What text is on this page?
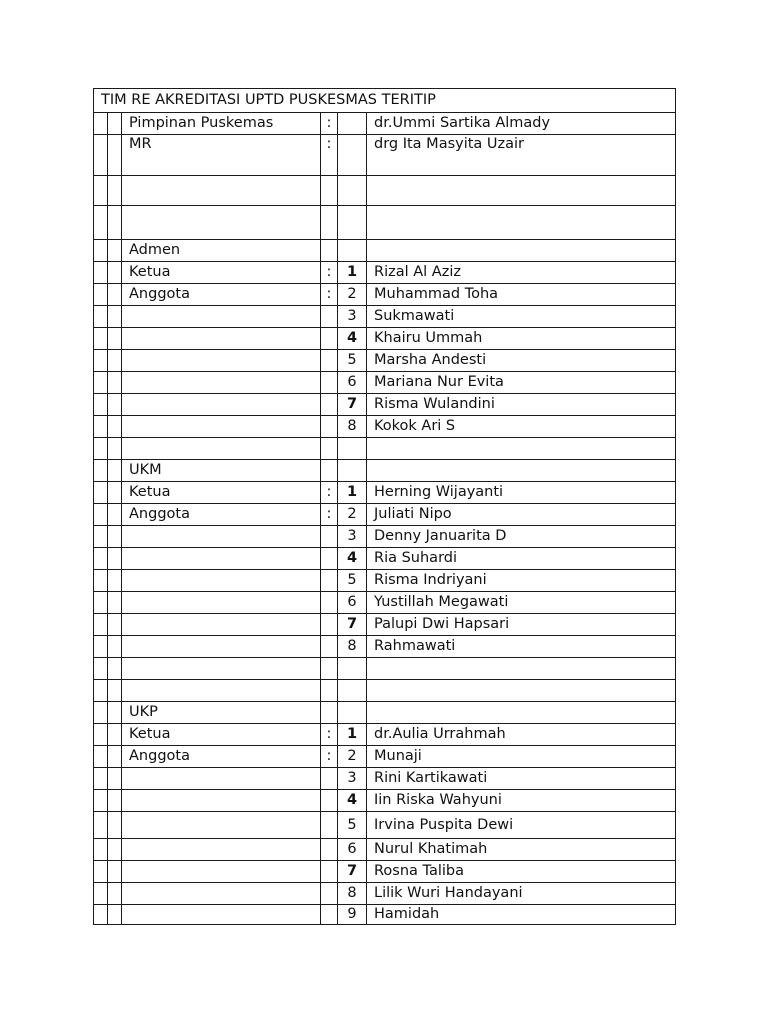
TIM RE AKREDITASI UPTD PUSKESMAS TERITIP					
		Pimpinan Puskemas	:		dr.Ummi Sartika Almady
		MR	:		drg Ita Masyita Uzair

		Admen			
		Ketua	:	1	Rizal Al Aziz
		Anggota	:	2	Muhammad Toha
				3	Sukmawati
				4	Khairu Ummah
				5	Marsha Andesti
				6	Mariana Nur Evita
				7	Risma Wulandini
				8	Kokok Ari S

		UKM			
		Ketua	:	1	Herning Wijayanti
		Anggota	:	2	Juliati Nipo
				3	Denny Januarita D
				4	Ria Suhardi
				5	Risma Indriyani
				6	Yustillah Megawati
				7	Palupi Dwi Hapsari
				8	Rahmawati

		UKP			
		Ketua	:	1	dr.Aulia Urrahmah
		Anggota	:	2	Munaji
				3	Rini Kartikawati
				4	Iin Riska Wahyuni
				5	Irvina Puspita Dewi
				6	Nurul Khatimah
				7	Rosna Taliba
				8	Lilik Wuri Handayani
				9	Hamidah
